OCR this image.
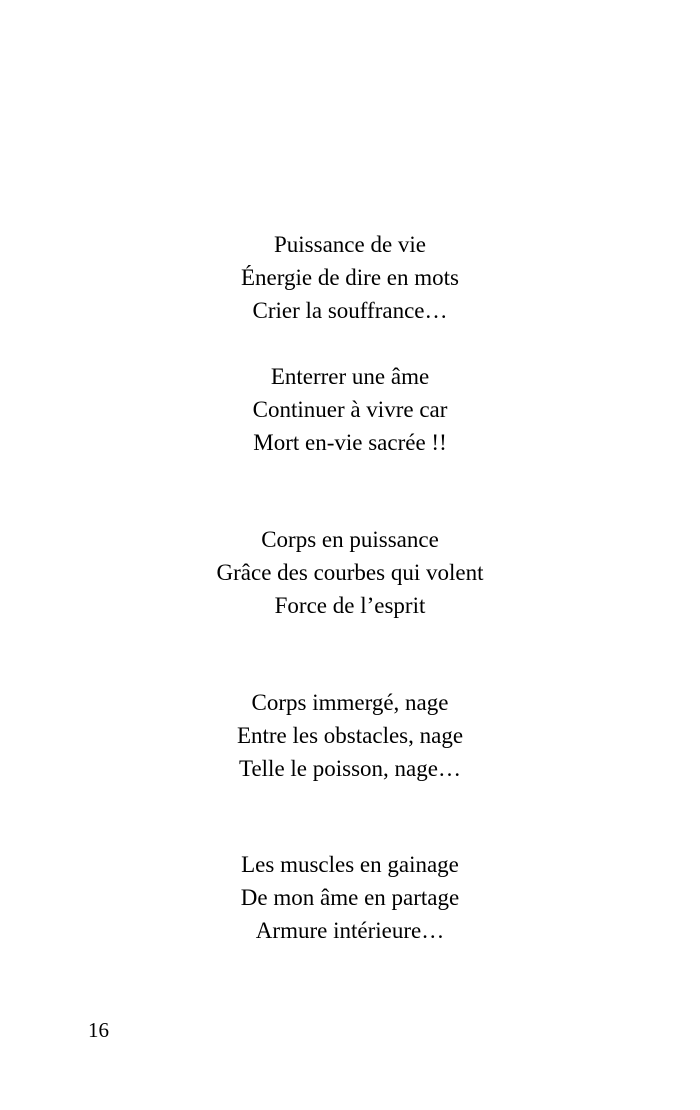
Puissance de vie
Énergie de dire en mots
Crier la souffrance…
Enterrer une âme
Continuer à vivre car
Mort en-vie sacrée !!
Corps en puissance
Grâce des courbes qui volent
Force de l’esprit
Corps immergé, nage
Entre les obstacles, nage
Telle le poisson, nage…
Les muscles en gainage
De mon âme en partage
Armure intérieure…
16
